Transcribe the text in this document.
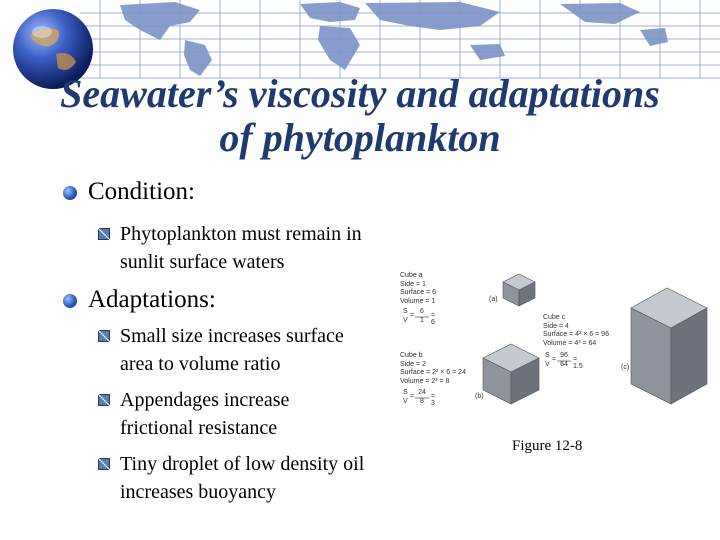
Seawater’s viscosity and adaptations of phytoplankton
Condition:
Phytoplankton must remain in
sunlit surface waters
Adaptations:
Small size increases surface
area to volume ratio
Appendages increase
frictional resistance
Tiny droplet of low density oil
increases buoyancy
Cube a
Side = 1
Surface = 6
Volume = 1
S
V
=
6
1
= 6
(a)
Cube b
Side = 2
Surface = 2² × 6 = 24
Volume = 2³ = 8
S
V
=
24
8
= 3
(b)
Cube c
Side = 4
Surface = 4² × 6 = 96
Volume = 4³ = 64
S
V
=
96
64
= 1.5	(c)
Figure 12-8
